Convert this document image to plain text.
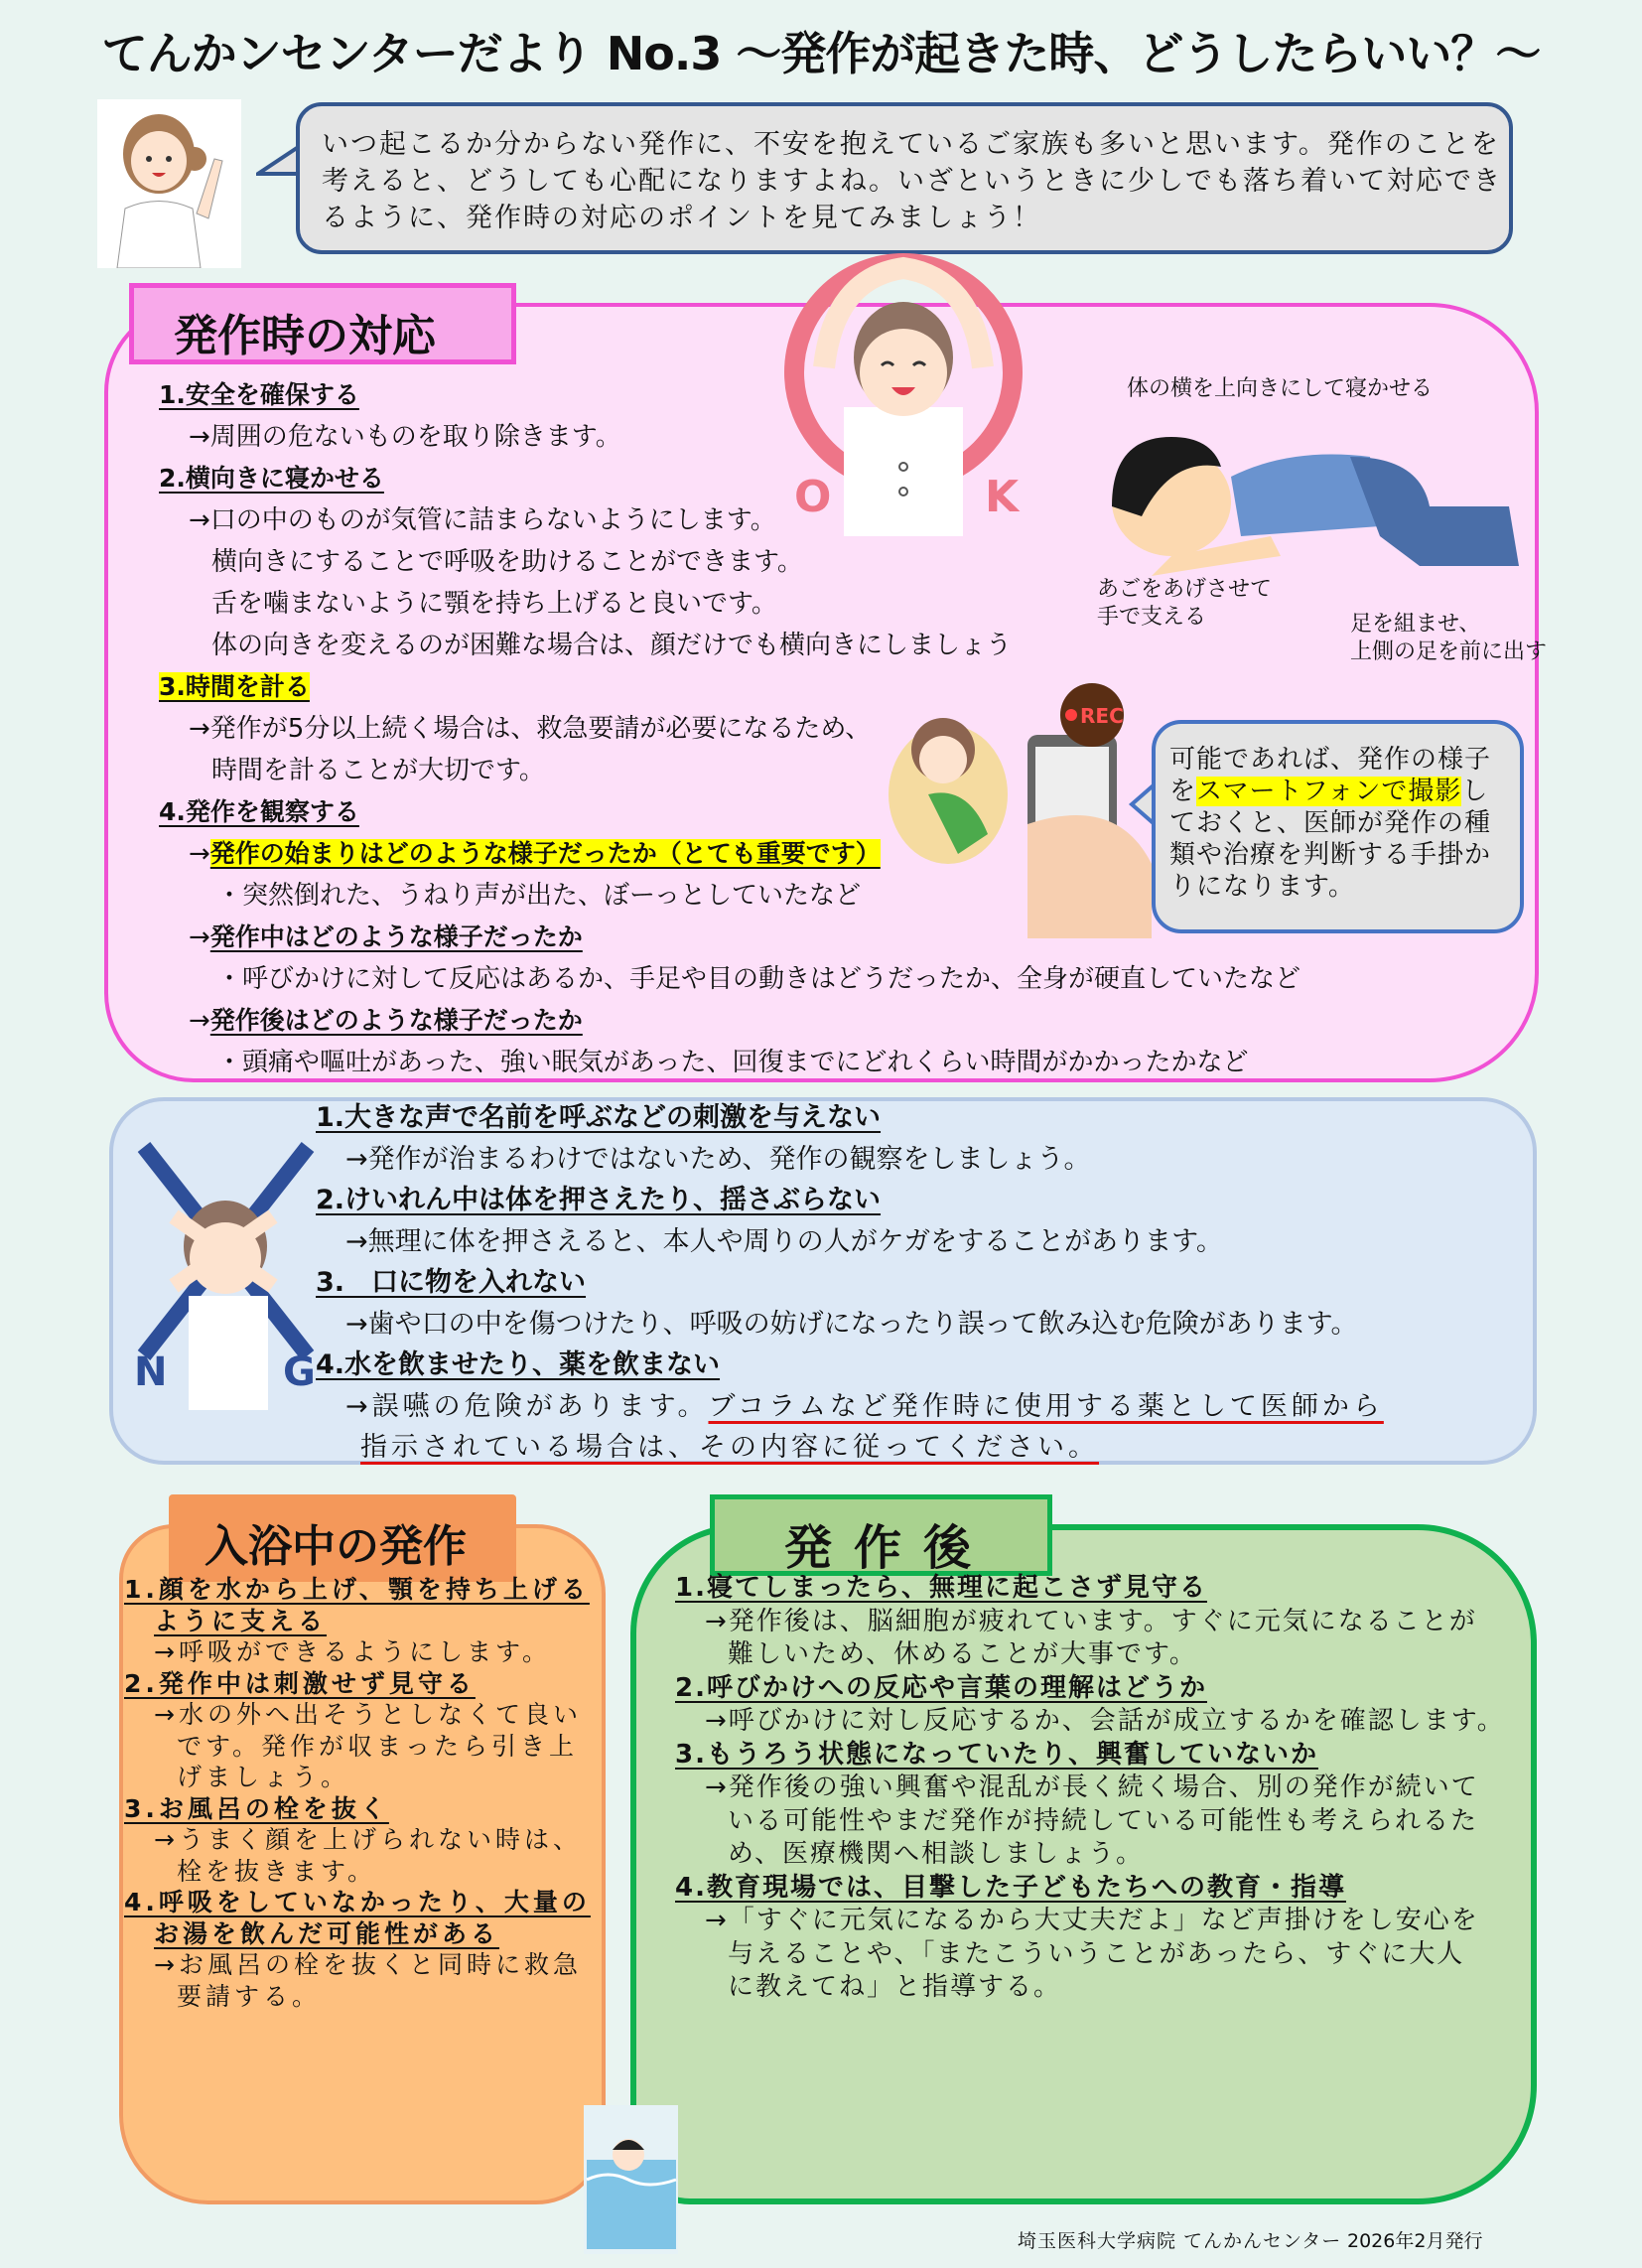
てんかンセンターだより No.3 〜発作が起きた時、どうしたらいい？〜
いつ起こるか分からない発作に、不安を抱えているご家族も多いと思います。発作のことを
考えると、どうしても心配になりますよね。いざというときに少しでも落ち着いて対応でき
るように、発作時の対応のポイントを見てみましょう！
発作時の対応
O	K
1.安全を確保する
→周囲の危ないものを取り除きます。
2.横向きに寝かせる
→口の中のものが気管に詰まらないようにします。
横向きにすることで呼吸を助けることができます。
舌を噛まないように顎を持ち上げると良いです。
体の向きを変えるのが困難な場合は、顔だけでも横向きにしましょう
3.時間を計る
→発作が5分以上続く場合は、救急要請が必要になるため、
時間を計ることが大切です。
4.発作を観察する
→発作の始まりはどのような様子だったか（とても重要です）
・突然倒れた、うねり声が出た、ぼーっとしていたなど
→発作中はどのような様子だったか
・呼びかけに対して反応はあるか、手足や目の動きはどうだったか、全身が硬直していたなど
→発作後はどのような様子だったか
・頭痛や嘔吐があった、強い眠気があった、回復までにどれくらい時間がかかったかなど
体の横を上向きにして寝かせる
あごをあげさせて
手で支える	足を組ませ、
上側の足を前に出す
REC
可能であれば、発作の様子
をスマートフォンで撮影し
ておくと、医師が発作の種
類や治療を判断する手掛か
りになります。
N	G
1.大きな声で名前を呼ぶなどの刺激を与えない
→発作が治まるわけではないため、発作の観察をしましょう。
2.けいれん中は体を押さえたり、揺さぶらない
→無理に体を押さえると、本人や周りの人がケガをすることがあります。
3.　口に物を入れない
→歯や口の中を傷つけたり、呼吸の妨げになったり誤って飲み込む危険があります。
4.水を飲ませたり、薬を飲まない
→誤嚥の危険があります。ブコラムなど発作時に使用する薬として医師から
指示されている場合は、その内容に従ってください。
入浴中の発作
1.顔を水から上げ、顎を持ち上げる
ように支える
→呼吸ができるようにします。
2.発作中は刺激せず見守る
→水の外へ出そうとしなくて良い
です。発作が収まったら引き上
げましょう。
3.お風呂の栓を抜く
→うまく顔を上げられない時は、
栓を抜きます。
4.呼吸をしていなかったり、大量の
お湯を飲んだ可能性がある
→お風呂の栓を抜くと同時に救急
要請する。
発作後
1.寝てしまったら、無理に起こさず見守る
→発作後は、脳細胞が疲れています。すぐに元気になることが
難しいため、休めることが大事です。
2.呼びかけへの反応や言葉の理解はどうか
→呼びかけに対し反応するか、会話が成立するかを確認します。
3.もうろう状態になっていたり、興奮していないか
→発作後の強い興奮や混乱が長く続く場合、別の発作が続いて
いる可能性やまだ発作が持続している可能性も考えられるた
め、医療機関へ相談しましょう。
4.教育現場では、目撃した子どもたちへの教育・指導
→「すぐに元気になるから大丈夫だよ」など声掛けをし安心を
与えることや、「またこういうことがあったら、すぐに大人
に教えてね」と指導する。
埼玉医科大学病院 てんかんセンター 2026年2月発行
